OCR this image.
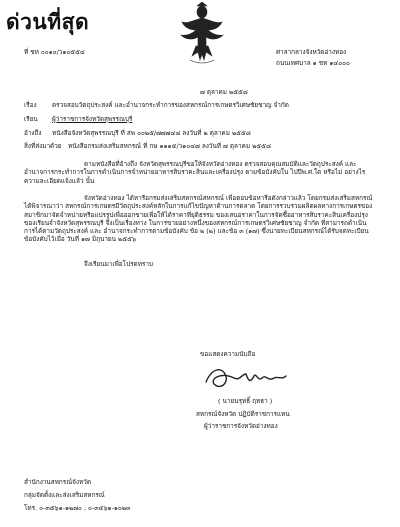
ด่วนที่สุด
ที่ ชท ๐๐๑๐/ว๑๐๕๕๔	ศาลากลางจังหวัดอ่างทอง
ถนนเทศบาล ๑ ชท ๑๔๐๐๐
๗ ตุลาคม ๒๕๕๘
เรื่อง ตรวจสอบวัตถุประสงค์ และอำนาจกระทำการของสหกรณ์การเกษตรวิเศษชัยชาญ จำกัด
เรียน ผู้ว่าราชการจังหวัดสุพรรณบุรี
อ้างถึง หนังสือจังหวัดสุพรรณบุรี ที่ สพ ๐๐๒๕/๗๗๗๔๘ ลงวันที่ ๒ ตุลาคม ๒๕๕๘
สิ่งที่ส่งมาด้วย หนังสือกรมส่งเสริมสหกรณ์ ที่ กษ ๑๑๑๕/ว๑๐๔๗ ลงวันที่ ๗ ตุลาคม ๒๕๕๘
ตามหนังสือที่อ้างถึง จังหวัดสุพรรณบุรีขอให้จังหวัดอ่างทอง ตรวจสอบคุณสมบัติและวัตถุประสงค์ และอำนาจการกระทำการในการดำเนินการจำหน่ายอาหารสิบราคะสินและเครื่องปรุง ตามข้อบังคับใน ไปปีพ.ศ.ใด หรือไม่ อย่างไร ความละเอียดแจ้งแล้ว นั้น
จังหวัดอ่างทอง ได้หารือกรมส่งเสริมสหกรณ์สหกรณ์ เพื่อตอบข้อหารือดังกล่าวแล้ว โดยกรมส่งเสริมสหกรณ์ ได้พิจารณาว่า สหกรณ์การเกษตรมีวัตถุประสงค์หลักในการแก้ไขปัญหาด้านการตลาด โดยการรวบรวมผลิตผลทางการเกษตรของสมาชิกมาจัดจำหน่ายหรือแปรรูปเพื่อออกขายเพื่อให้ได้ราคาที่ยุติธรรม ของเสนอราคาในการจัดซื้ออาหารสิบราคะสินเครื่องปรุงของเรียนจำจังหวัดสุพรรณบุรี จึงเป็นเรื่องทาง ในการขายอย่างหนึ่งของสหกรณ์การเกษตรวิเศษชัยชาญ จำกัด ที่สามารถดำเนินการได้ตามวัตถุประสงค์ และ อำนาจกระทำการตามข้อบังคับ ข้อ ๒ (๒) และข้อ ๓ (๑๗) ซึ่งนายทะเบียนสหกรณ์ได้รับจดทะเบียนข้อบังคับไว้เมื่อ วันที่ ๑๗ มิถุนายน ๒๕๕๖
จึงเรียนมาเพื่อโปรดทราบ
ขอแสดงความนับถือ
( นายนรุทธิ์ ฤทธา )
สหกรณ์จังหวัด ปฏิบัติราชการแทน
ผู้ว่าราชการจังหวัดอ่างทอง
สำนักงานสหกรณ์จังหวัด
กลุ่มจัดตั้งและส่งเสริมสหกรณ์
โทร. ๐-๓๕๖๑-๑๒๗๐ , ๐-๓๕๖๑-๑๐๒๓
